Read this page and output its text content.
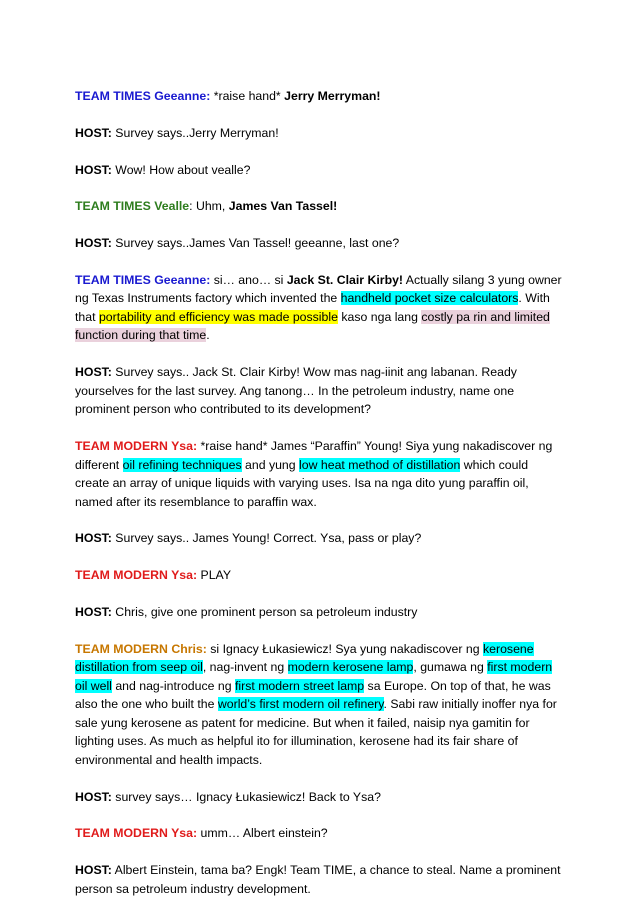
TEAM TIMES Geeanne: *raise hand* Jerry Merryman!

HOST: Survey says..Jerry Merryman!

HOST: Wow! How about vealle?

TEAM TIMES Vealle: Uhm, James Van Tassel!

HOST: Survey says..James Van Tassel! geeanne, last one?

TEAM TIMES Geeanne: si… ano… si Jack St. Clair Kirby! Actually silang 3 yung owner ng Texas Instruments factory which invented the handheld pocket size calculators. With that portability and efficiency was made possible kaso nga lang costly pa rin and limited function during that time.

HOST: Survey says.. Jack St. Clair Kirby! Wow mas nag-iinit ang labanan. Ready yourselves for the last survey. Ang tanong… In the petroleum industry, name one prominent person who contributed to its development?

TEAM MODERN Ysa: *raise hand* James “Paraffin” Young! Siya yung nakadiscover ng different oil refining techniques and yung low heat method of distillation which could create an array of unique liquids with varying uses. Isa na nga dito yung paraffin oil, named after its resemblance to paraffin wax.

HOST: Survey says.. James Young! Correct. Ysa, pass or play?

TEAM MODERN Ysa: PLAY

HOST: Chris, give one prominent person sa petroleum industry

TEAM MODERN Chris: si Ignacy Łukasiewicz! Sya yung nakadiscover ng kerosene distillation from seep oil, nag-invent ng modern kerosene lamp, gumawa ng first modern oil well and nag-introduce ng first modern street lamp sa Europe. On top of that, he was also the one who built the world’s first modern oil refinery. Sabi raw initially inoffer nya for sale yung kerosene as patent for medicine. But when it failed, naisip nya gamitin for lighting uses. As much as helpful ito for illumination, kerosene had its fair share of environmental and health impacts.

HOST: survey says… Ignacy Łukasiewicz! Back to Ysa?

TEAM MODERN Ysa: umm… Albert einstein?

HOST: Albert Einstein, tama ba? Engk! Team TIME, a chance to steal. Name a prominent person sa petroleum industry development.
